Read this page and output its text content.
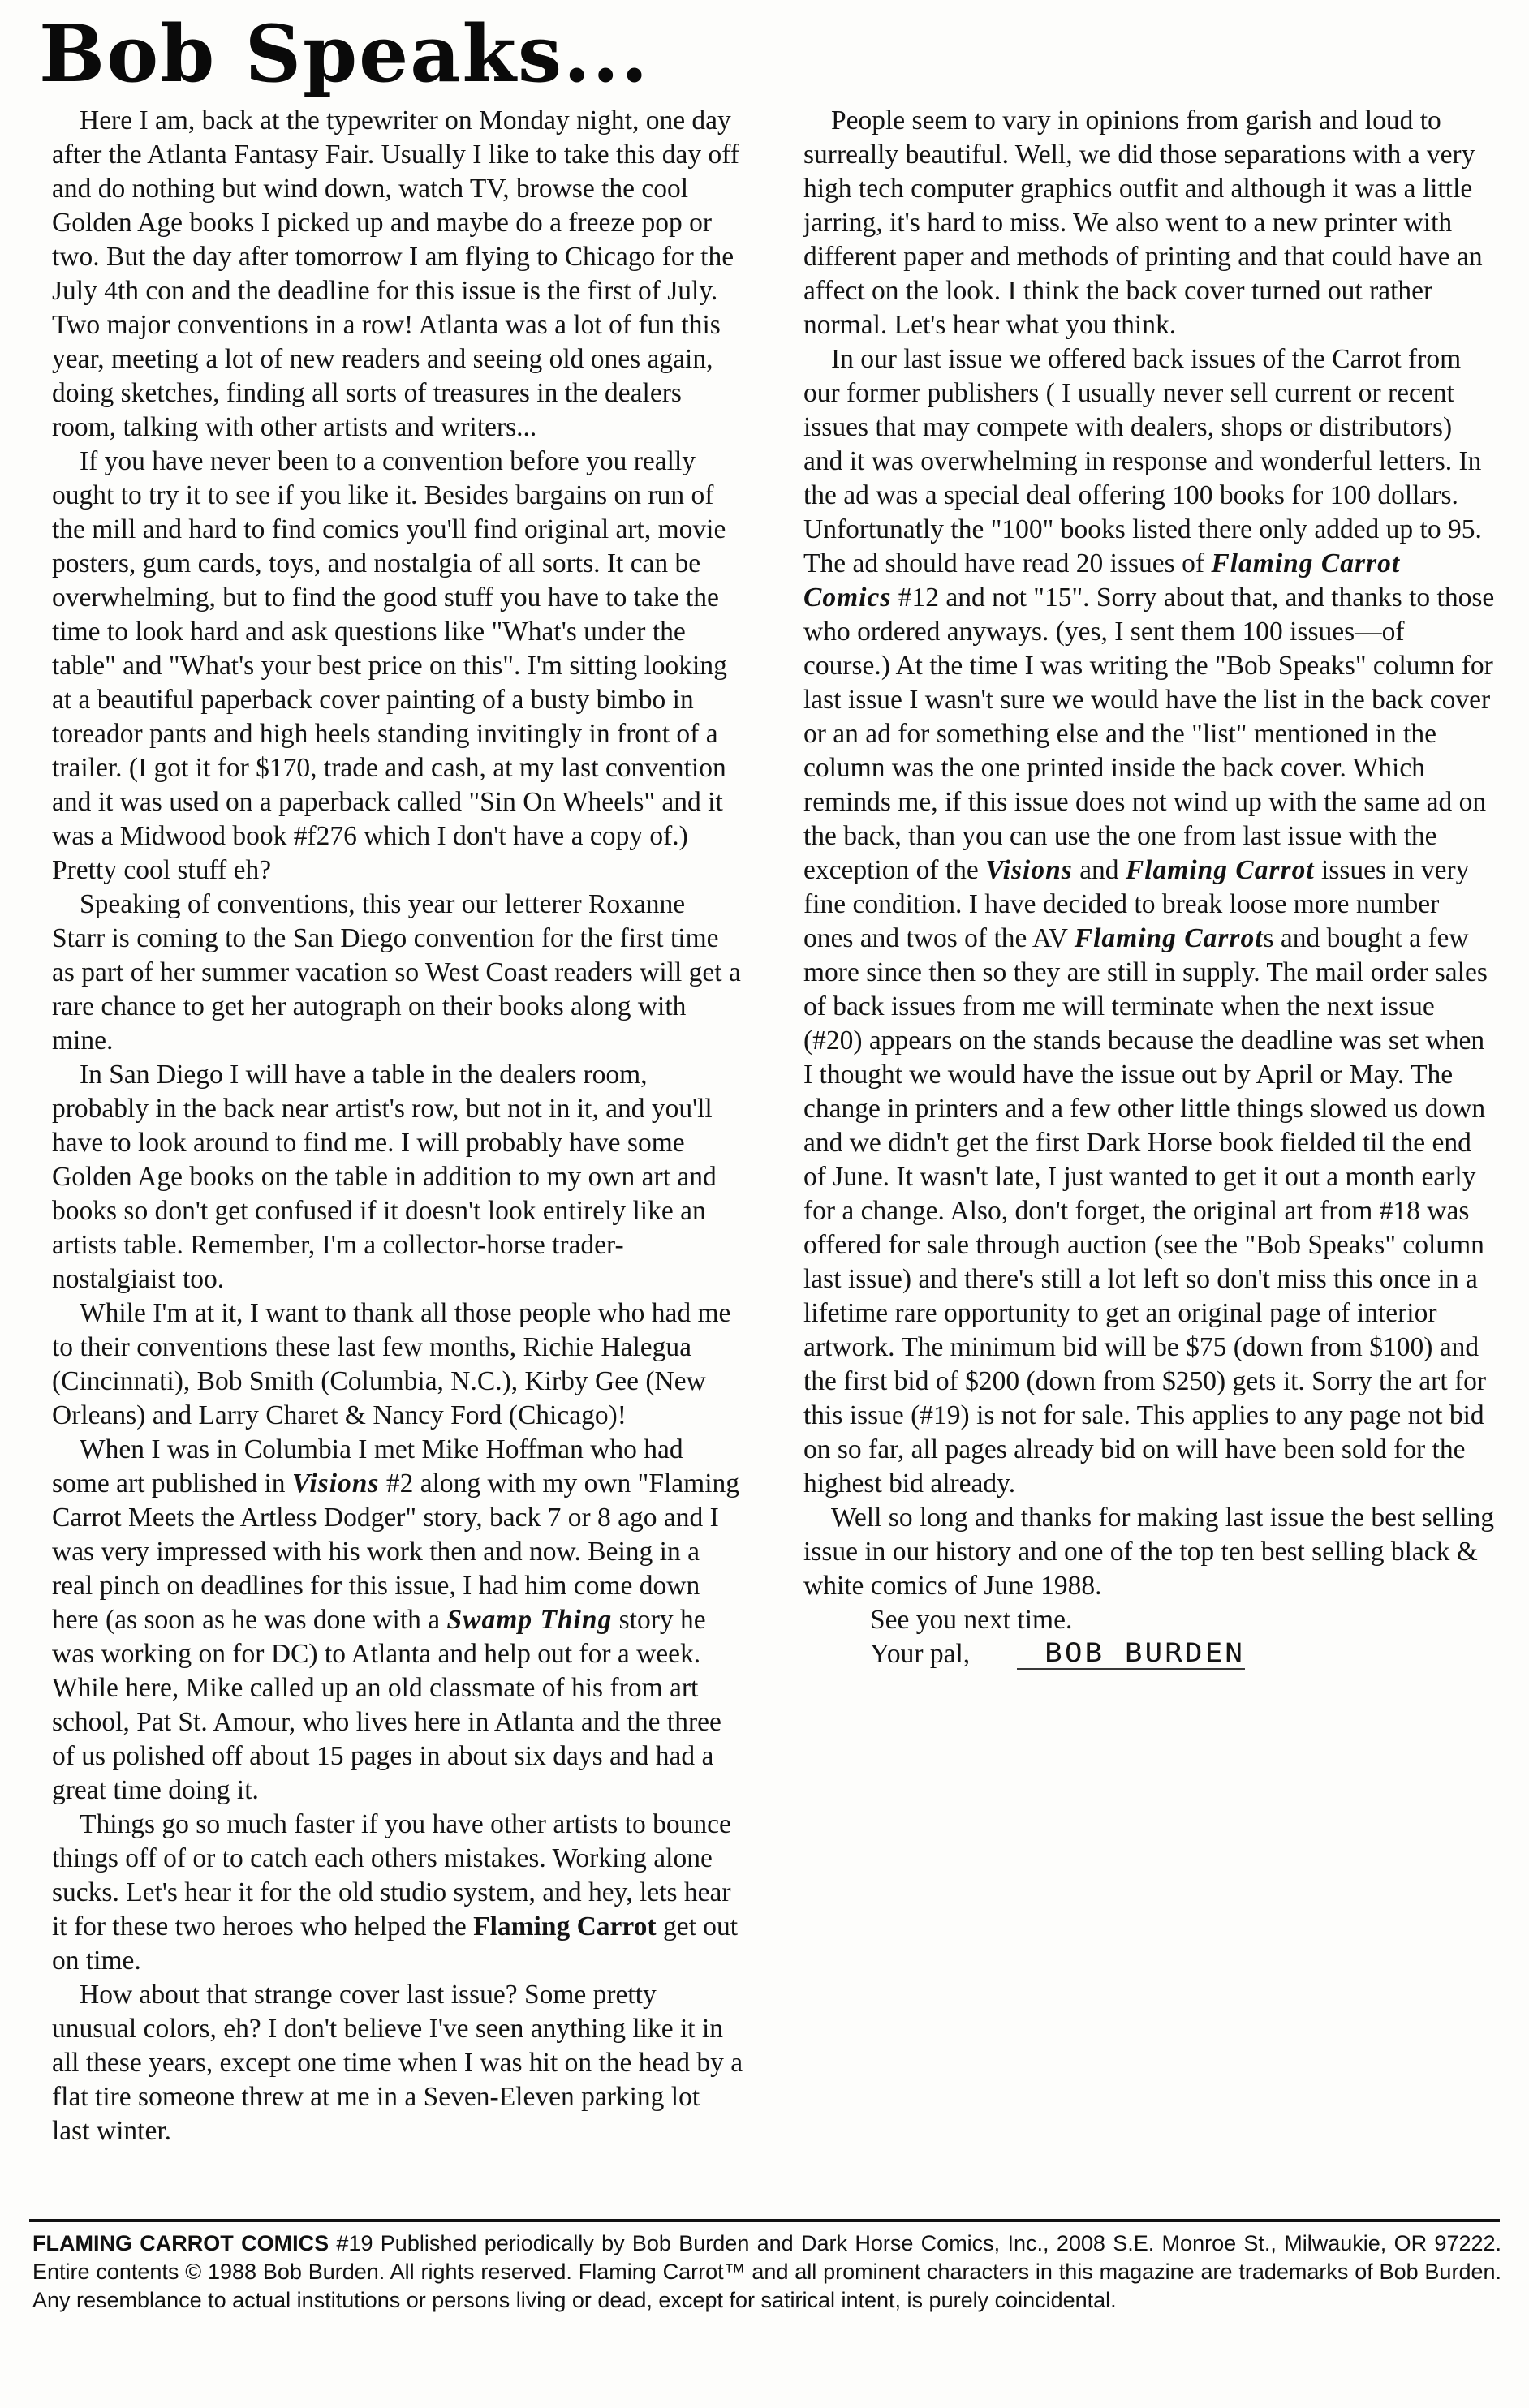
Bob Speaks...

Here I am, back at the typewriter on Monday night, one day after the Atlanta Fantasy Fair. Usually I like to take this day off and do nothing but wind down, watch TV, browse the cool Golden Age books I picked up and maybe do a freeze pop or two. But the day after tomorrow I am flying to Chicago for the July 4th con and the deadline for this issue is the first of July. Two major conventions in a row! Atlanta was a lot of fun this year, meeting a lot of new readers and seeing old ones again, doing sketches, finding all sorts of treasures in the dealers room, talking with other artists and writers...

If you have never been to a convention before you really ought to try it to see if you like it. Besides bargains on run of the mill and hard to find comics you'll find original art, movie posters, gum cards, toys, and nostalgia of all sorts. It can be overwhelming, but to find the good stuff you have to take the time to look hard and ask questions like "What's under the table" and "What's your best price on this". I'm sitting looking at a beautiful paperback cover painting of a busty bimbo in toreador pants and high heels standing invitingly in front of a trailer. (I got it for $170, trade and cash, at my last convention and it was used on a paperback called "Sin On Wheels" and it was a Midwood book #f276 which I don't have a copy of.) Pretty cool stuff eh?

Speaking of conventions, this year our letterer Roxanne Starr is coming to the San Diego convention for the first time as part of her summer vacation so West Coast readers will get a rare chance to get her autograph on their books along with mine.

In San Diego I will have a table in the dealers room, probably in the back near artist's row, but not in it, and you'll have to look around to find me. I will probably have some Golden Age books on the table in addition to my own art and books so don't get confused if it doesn't look entirely like an artists table. Remember, I'm a collector-horse trader-nostalgiaist too.

While I'm at it, I want to thank all those people who had me to their conventions these last few months, Richie Halegua (Cincinnati), Bob Smith (Columbia, N.C.), Kirby Gee (New Orleans) and Larry Charet & Nancy Ford (Chicago)!

When I was in Columbia I met Mike Hoffman who had some art published in Visions #2 along with my own "Flaming Carrot Meets the Artless Dodger" story, back 7 or 8 ago and I was very impressed with his work then and now. Being in a real pinch on deadlines for this issue, I had him come down here (as soon as he was done with a Swamp Thing story he was working on for DC) to Atlanta and help out for a week. While here, Mike called up an old classmate of his from art school, Pat St. Amour, who lives here in Atlanta and the three of us polished off about 15 pages in about six days and had a great time doing it.

Things go so much faster if you have other artists to bounce things off of or to catch each others mistakes. Working alone sucks. Let's hear it for the old studio system, and hey, lets hear it for these two heroes who helped the Flaming Carrot get out on time.

How about that strange cover last issue? Some pretty unusual colors, eh? I don't believe I've seen anything like it in all these years, except one time when I was hit on the head by a flat tire someone threw at me in a Seven-Eleven parking lot last winter.

People seem to vary in opinions from garish and loud to surreally beautiful. Well, we did those separations with a very high tech computer graphics outfit and although it was a little jarring, it's hard to miss. We also went to a new printer with different paper and methods of printing and that could have an affect on the look. I think the back cover turned out rather normal. Let's hear what you think.

In our last issue we offered back issues of the Carrot from our former publishers ( I usually never sell current or recent issues that may compete with dealers, shops or distributors) and it was overwhelming in response and wonderful letters. In the ad was a special deal offering 100 books for 100 dollars. Unfortunatly the "100" books listed there only added up to 95. The ad should have read 20 issues of Flaming Carrot Comics #12 and not "15". Sorry about that, and thanks to those who ordered anyways. (yes, I sent them 100 issues—of course.) At the time I was writing the "Bob Speaks" column for last issue I wasn't sure we would have the list in the back cover or an ad for something else and the "list" mentioned in the column was the one printed inside the back cover. Which reminds me, if this issue does not wind up with the same ad on the back, than you can use the one from last issue with the exception of the Visions and Flaming Carrot issues in very fine condition. I have decided to break loose more number ones and twos of the AV Flaming Carrots and bought a few more since then so they are still in supply. The mail order sales of back issues from me will terminate when the next issue (#20) appears on the stands because the deadline was set when I thought we would have the issue out by April or May. The change in printers and a few other little things slowed us down and we didn't get the first Dark Horse book fielded til the end of June. It wasn't late, I just wanted to get it out a month early for a change. Also, don't forget, the original art from #18 was offered for sale through auction (see the "Bob Speaks" column last issue) and there's still a lot left so don't miss this once in a lifetime rare opportunity to get an original page of interior artwork. The minimum bid will be $75 (down from $100) and the first bid of $200 (down from $250) gets it. Sorry the art for this issue (#19) is not for sale. This applies to any page not bid on so far, all pages already bid on will have been sold for the highest bid already.

Well so long and thanks for making last issue the best selling issue in our history and one of the top ten best selling black & white comics of June 1988.

See you next time.

Your pal,	BOB BURDEN

FLAMING CARROT COMICS #19 Published periodically by Bob Burden and Dark Horse Comics, Inc., 2008 S.E. Monroe St., Milwaukie, OR 97222. Entire contents © 1988 Bob Burden. All rights reserved. Flaming Carrot™ and all prominent characters in this magazine are trademarks of Bob Burden. Any resemblance to actual institutions or persons living or dead, except for satirical intent, is purely coincidental.
